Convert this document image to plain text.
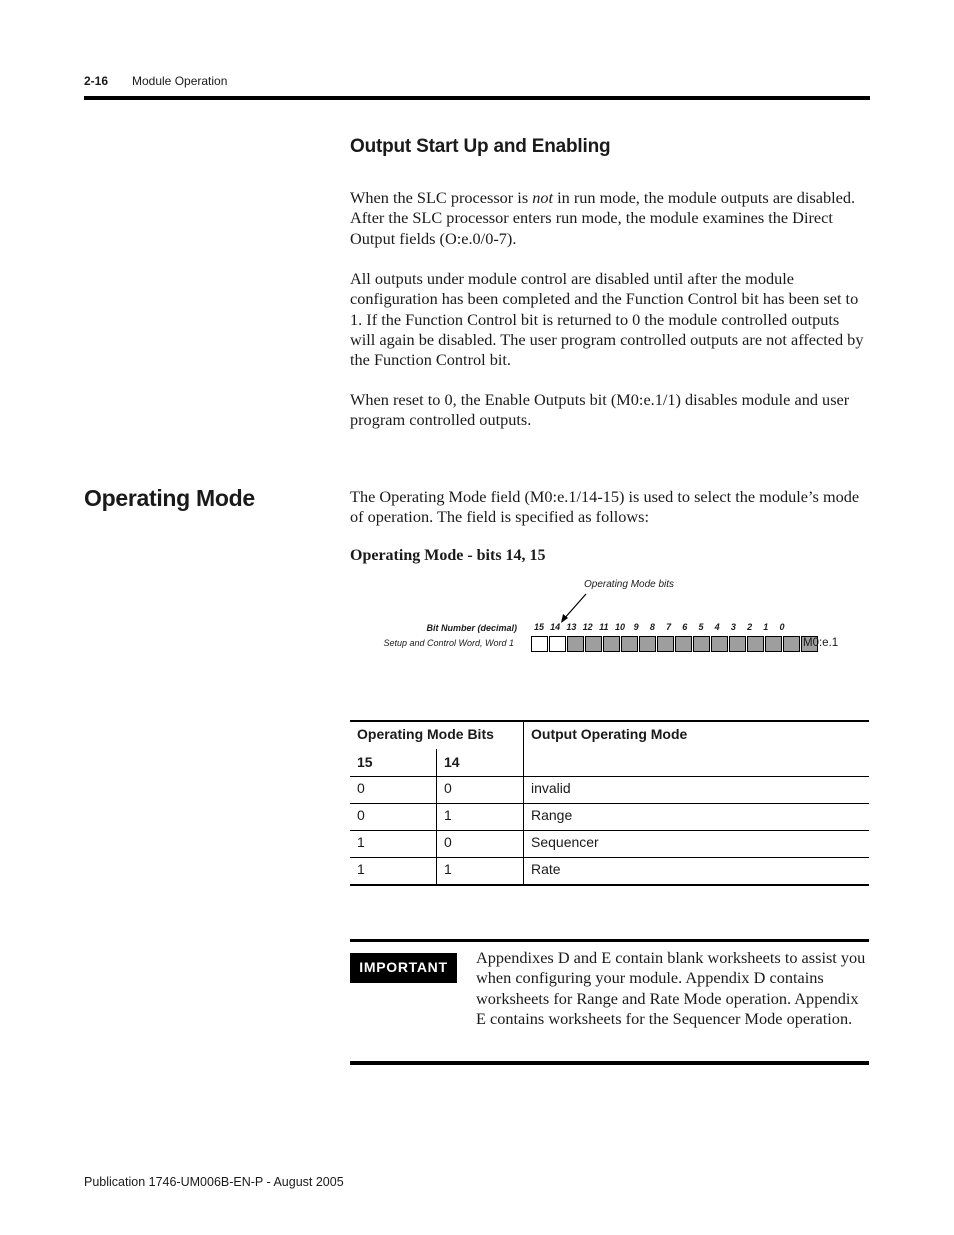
2-16 Module Operation
Output Start Up and Enabling

When the SLC processor is not in run mode, the module outputs are disabled. After the SLC processor enters run mode, the module examines the Direct Output fields (O:e.0/0-7).

All outputs under module control are disabled until after the module configuration has been completed and the Function Control bit has been set to 1. If the Function Control bit is returned to 0 the module controlled outputs will again be disabled. The user program controlled outputs are not affected by the Function Control bit.

When reset to 0, the Enable Outputs bit (M0:e.1/1) disables module and user program controlled outputs.

Operating Mode	The Operating Mode field (M0:e.1/14-15) is used to select the module’s mode of operation. The field is specified as follows:

Operating Mode - bits 14, 15
Operating Mode bits
Bit Number (decimal)
Setup and Control Word, Word 1
15 14 13 12 11 10 9	8	7	6	5	4	3	2	1	0
M0:e.1
Operating Mode Bits		Output Operating Mode
15	14	
0	0	invalid
0	1	Range
1	0	Sequencer
1	1	Rate
IMPORTANT	Appendixes D and E contain blank worksheets to assist you when configuring your module. Appendix D contains worksheets for Range and Rate Mode operation. Appendix E contains worksheets for the Sequencer Mode operation.

Publication 1746-UM006B-EN-P - August 2005
